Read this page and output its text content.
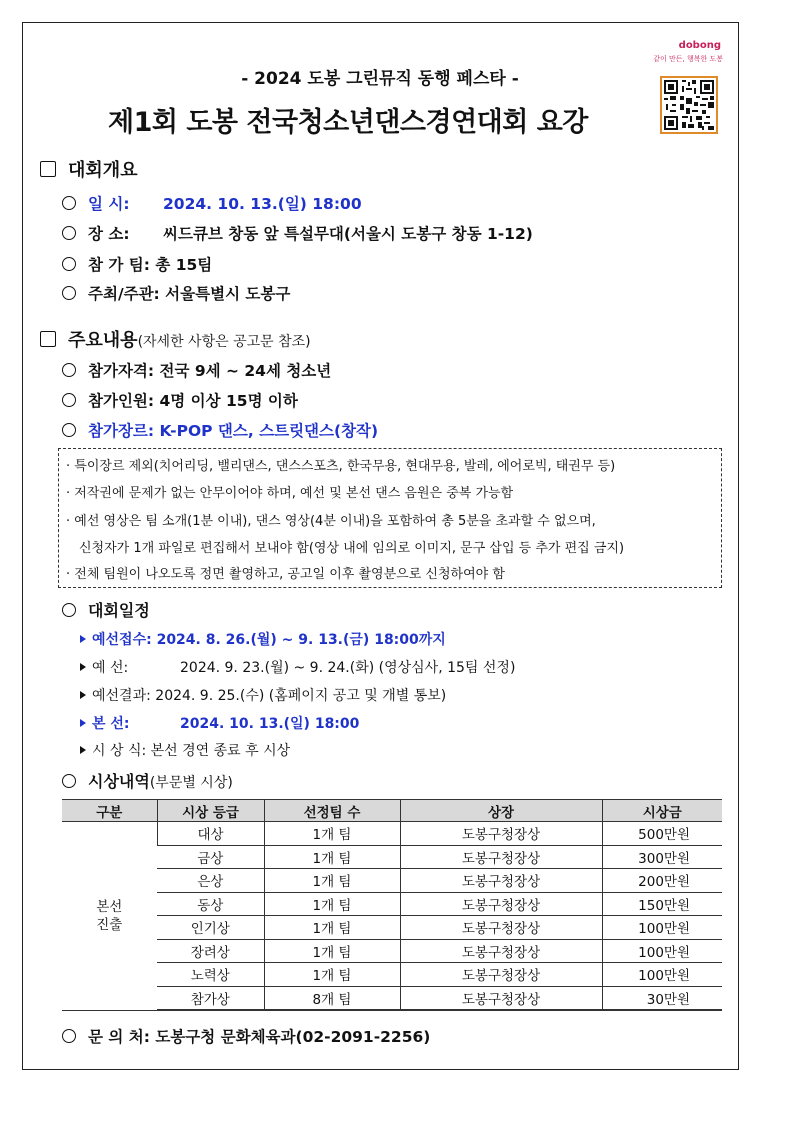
dobong
같이 만든, 행복한 도봉
- 2024 도봉 그린뮤직 동행 페스타 -
제1회 도봉 전국청소년댄스경연대회 요강
대회개요
일 시: 2024. 10. 13.(일) 18:00
장 소: 씨드큐브 창동 앞 특설무대(서울시 도봉구 창동 1-12)
참 가 팀: 총 15팀
주최/주관: 서울특별시 도봉구
주요내용(자세한 사항은 공고문 참조)
참가자격: 전국 9세 ~ 24세 청소년
참가인원: 4명 이상 15명 이하
참가장르: K-POP 댄스, 스트릿댄스(창작)
· 특이장르 제외(치어리딩, 밸리댄스, 댄스스포츠, 한국무용, 현대무용, 발레, 에어로빅, 태권무 등)
· 저작권에 문제가 없는 안무이어야 하며, 예선 및 본선 댄스 음원은 중복 가능함
· 예선 영상은 팀 소개(1분 이내), 댄스 영상(4분 이내)을 포함하여 총 5분을 초과할 수 없으며,
신청자가 1개 파일로 편집해서 보내야 함(영상 내에 임의로 이미지, 문구 삽입 등 추가 편집 금지)
· 전체 팀원이 나오도록 정면 촬영하고, 공고일 이후 촬영분으로 신청하여야 함
대회일정
예선접수: 2024. 8. 26.(월) ~ 9. 13.(금) 18:00까지
예 선:	2024. 9. 23.(월) ~ 9. 24.(화) (영상심사, 15팀 선정)
예선결과: 2024. 9. 25.(수) (홈페이지 공고 및 개별 통보)
본 선:	2024. 10. 13.(일) 18:00
시 상 식: 본선 경연 종료 후 시상
시상내역(부문별 시상)
구분	시상 등급	선정팀 수	상장	시상금

본선
진출	대상	1개 팀	도봉구청장상	500만원
	금상	1개 팀	도봉구청장상	300만원
	은상	1개 팀	도봉구청장상	200만원
	동상	1개 팀	도봉구청장상	150만원
	인기상	1개 팀	도봉구청장상	100만원
	장려상	1개 팀	도봉구청장상	100만원
	노력상	1개 팀	도봉구청장상	100만원
	참가상	8개 팀	도봉구청장상	30만원
문 의 처: 도봉구청 문화체육과(02-2091-2256)
